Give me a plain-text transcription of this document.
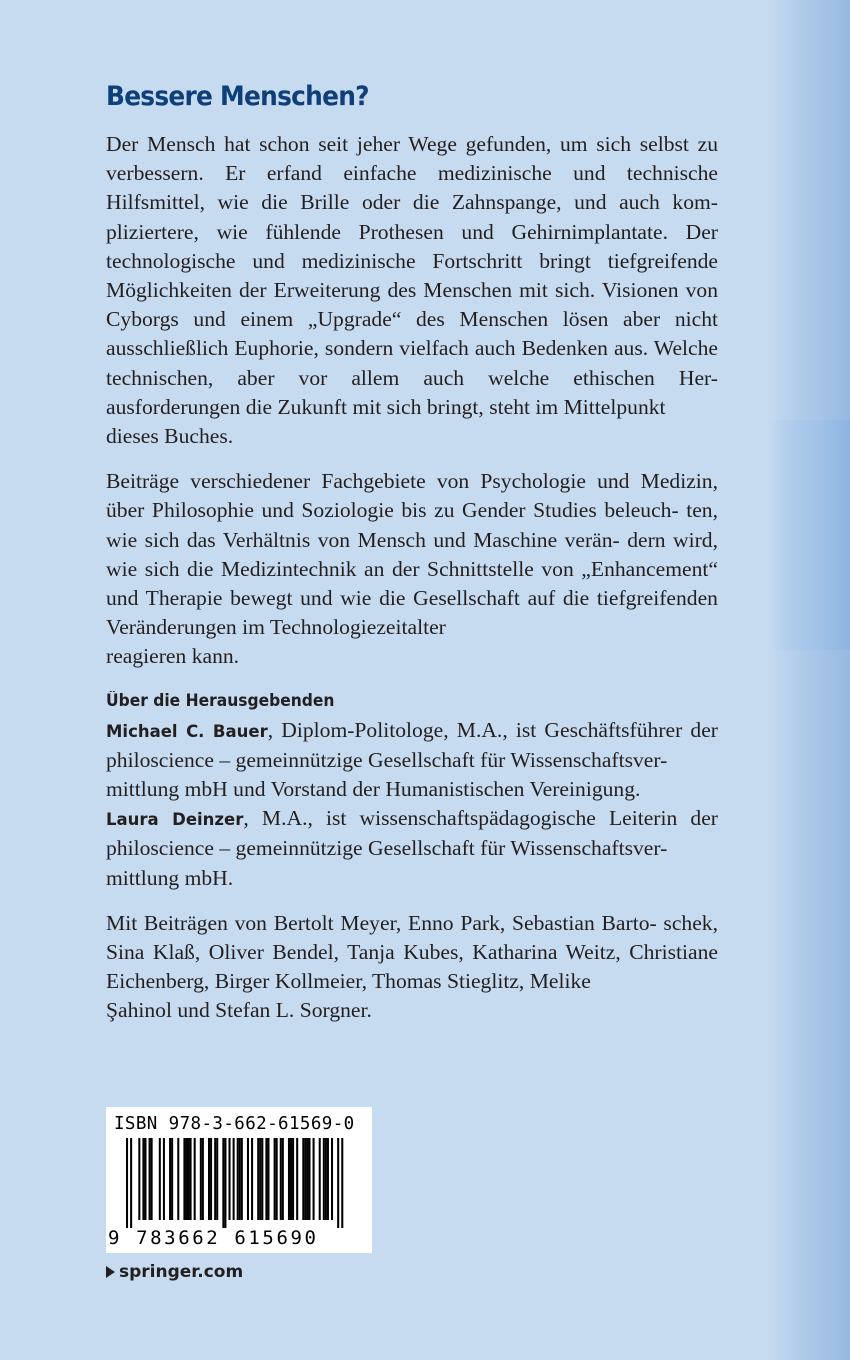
Bessere Menschen?
Der Mensch hat schon seit jeher Wege gefunden, um sich selbst zu verbessern. Er erfand einfache medizinische und technische Hilfsmittel, wie die Brille oder die Zahnspange, und auch kom- pliziertere, wie fühlende Prothesen und Gehirnimplantate. Der technologische und medizinische Fortschritt bringt tiefgreifende Möglichkeiten der Erweiterung des Menschen mit sich. Visionen von Cyborgs und einem „Upgrade“ des Menschen lösen aber nicht ausschließlich Euphorie, sondern vielfach auch Bedenken aus. Welche technischen, aber vor allem auch welche ethischen Her- ausforderungen die Zukunft mit sich bringt, steht im Mittelpunkt
dieses Buches.
Beiträge verschiedener Fachgebiete von Psychologie und Medizin, über Philosophie und Soziologie bis zu Gender Studies beleuch- ten, wie sich das Verhältnis von Mensch und Maschine verän- dern wird, wie sich die Medizintechnik an der Schnittstelle von „Enhancement“ und Therapie bewegt und wie die Gesellschaft auf die tiefgreifenden Veränderungen im Technologiezeitalter
reagieren kann.
Über die Herausgebenden
Michael C. Bauer, Diplom-Politologe, M.A., ist Geschäftsführer der philoscience – gemeinnützige Gesellschaft für Wissenschaftsver-
mittlung mbH und Vorstand der Humanistischen Vereinigung.
Laura Deinzer, M.A., ist wissenschaftspädagogische Leiterin der philoscience – gemeinnützige Gesellschaft für Wissenschaftsver-
mittlung mbH.
Mit Beiträgen von Bertolt Meyer, Enno Park, Sebastian Barto- schek, Sina Klaß, Oliver Bendel, Tanja Kubes, Katharina Weitz, Christiane Eichenberg, Birger Kollmeier, Thomas Stieglitz, Melike
Şahinol und Stefan L. Sorgner.
ISBN 978-3-662-61569-0
9 783662 615690
springer.com
